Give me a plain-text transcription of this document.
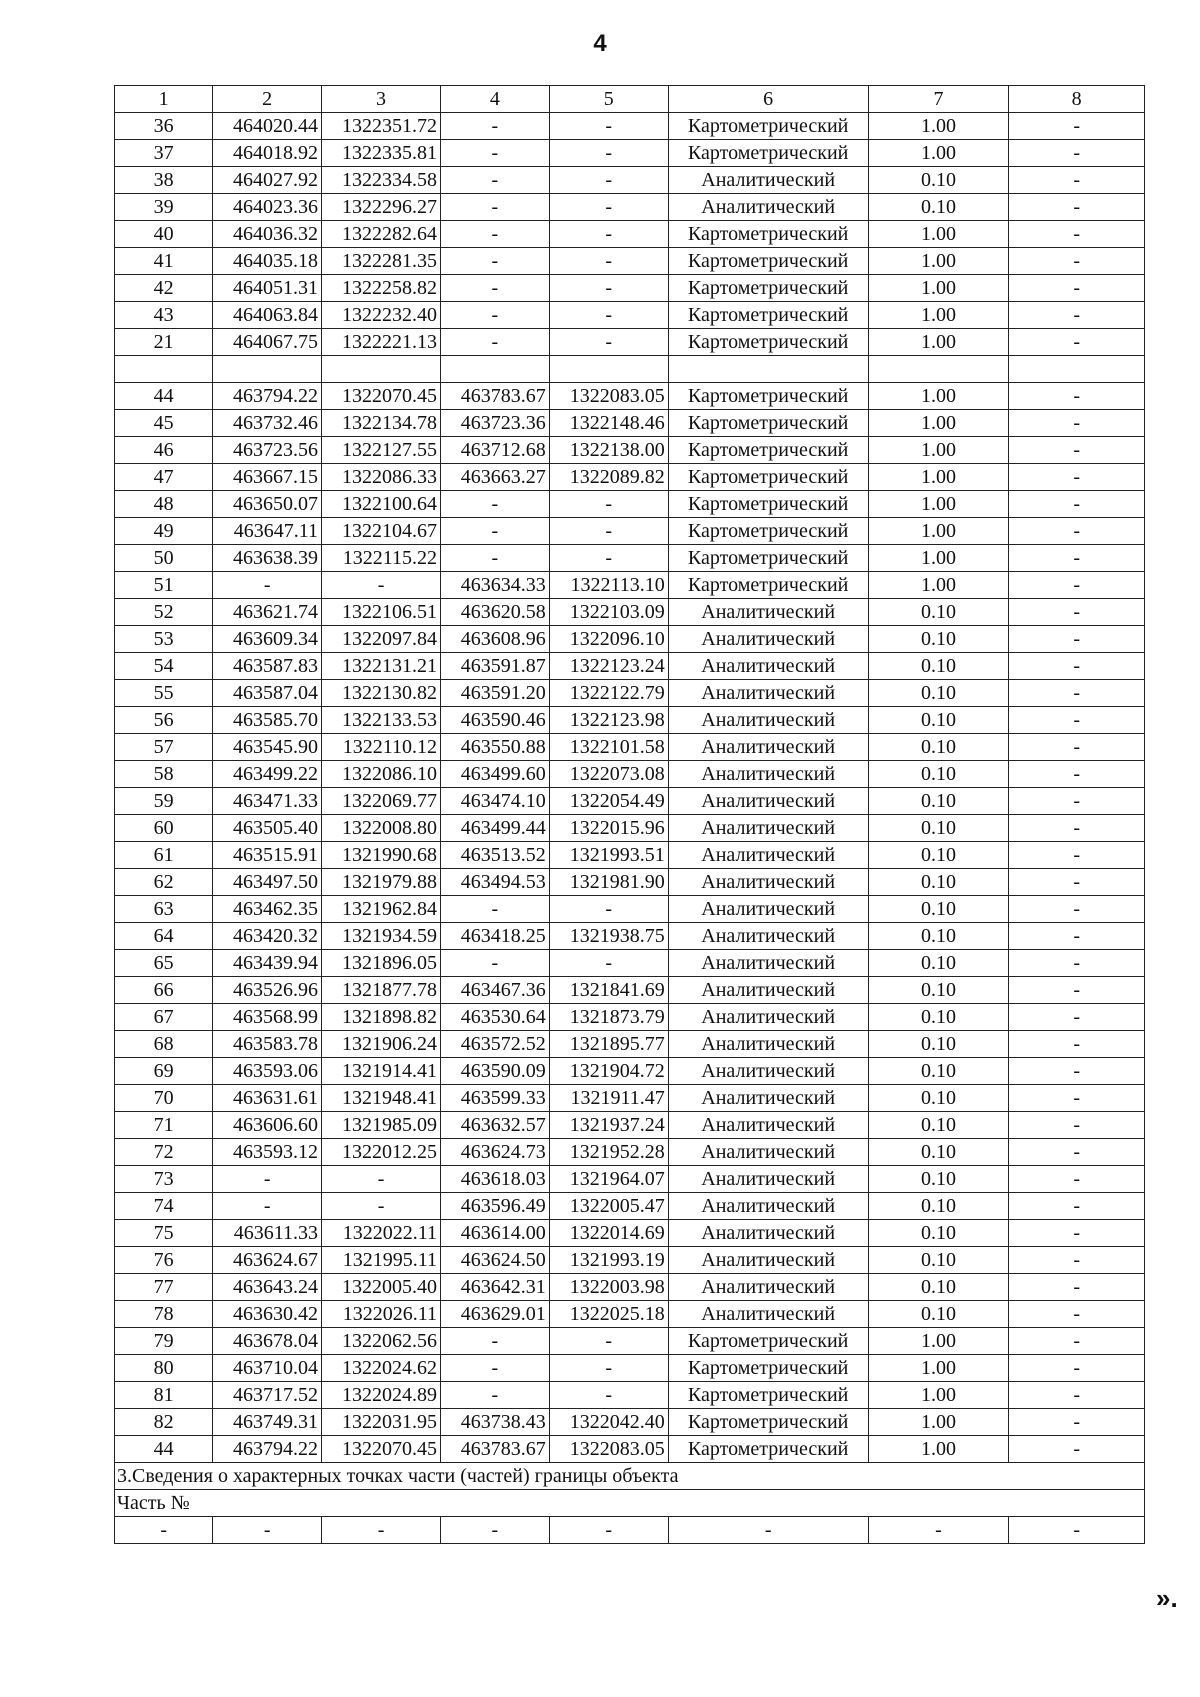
4
1	2	3	4	5	6	7	8
36	464020.44	1322351.72	-	-	Картометрический	1.00	-
37	464018.92	1322335.81	-	-	Картометрический	1.00	-
38	464027.92	1322334.58	-	-	Аналитический	0.10	-
39	464023.36	1322296.27	-	-	Аналитический	0.10	-
40	464036.32	1322282.64	-	-	Картометрический	1.00	-
41	464035.18	1322281.35	-	-	Картометрический	1.00	-
42	464051.31	1322258.82	-	-	Картометрический	1.00	-
43	464063.84	1322232.40	-	-	Картометрический	1.00	-
21	464067.75	1322221.13	-	-	Картометрический	1.00	-

44	463794.22	1322070.45	463783.67	1322083.05	Картометрический	1.00	-
45	463732.46	1322134.78	463723.36	1322148.46	Картометрический	1.00	-
46	463723.56	1322127.55	463712.68	1322138.00	Картометрический	1.00	-
47	463667.15	1322086.33	463663.27	1322089.82	Картометрический	1.00	-
48	463650.07	1322100.64	-	-	Картометрический	1.00	-
49	463647.11	1322104.67	-	-	Картометрический	1.00	-
50	463638.39	1322115.22	-	-	Картометрический	1.00	-
51	-	-	463634.33	1322113.10	Картометрический	1.00	-
52	463621.74	1322106.51	463620.58	1322103.09	Аналитический	0.10	-
53	463609.34	1322097.84	463608.96	1322096.10	Аналитический	0.10	-
54	463587.83	1322131.21	463591.87	1322123.24	Аналитический	0.10	-
55	463587.04	1322130.82	463591.20	1322122.79	Аналитический	0.10	-
56	463585.70	1322133.53	463590.46	1322123.98	Аналитический	0.10	-
57	463545.90	1322110.12	463550.88	1322101.58	Аналитический	0.10	-
58	463499.22	1322086.10	463499.60	1322073.08	Аналитический	0.10	-
59	463471.33	1322069.77	463474.10	1322054.49	Аналитический	0.10	-
60	463505.40	1322008.80	463499.44	1322015.96	Аналитический	0.10	-
61	463515.91	1321990.68	463513.52	1321993.51	Аналитический	0.10	-
62	463497.50	1321979.88	463494.53	1321981.90	Аналитический	0.10	-
63	463462.35	1321962.84	-	-	Аналитический	0.10	-
64	463420.32	1321934.59	463418.25	1321938.75	Аналитический	0.10	-
65	463439.94	1321896.05	-	-	Аналитический	0.10	-
66	463526.96	1321877.78	463467.36	1321841.69	Аналитический	0.10	-
67	463568.99	1321898.82	463530.64	1321873.79	Аналитический	0.10	-
68	463583.78	1321906.24	463572.52	1321895.77	Аналитический	0.10	-
69	463593.06	1321914.41	463590.09	1321904.72	Аналитический	0.10	-
70	463631.61	1321948.41	463599.33	1321911.47	Аналитический	0.10	-
71	463606.60	1321985.09	463632.57	1321937.24	Аналитический	0.10	-
72	463593.12	1322012.25	463624.73	1321952.28	Аналитический	0.10	-
73	-	-	463618.03	1321964.07	Аналитический	0.10	-
74	-	-	463596.49	1322005.47	Аналитический	0.10	-
75	463611.33	1322022.11	463614.00	1322014.69	Аналитический	0.10	-
76	463624.67	1321995.11	463624.50	1321993.19	Аналитический	0.10	-
77	463643.24	1322005.40	463642.31	1322003.98	Аналитический	0.10	-
78	463630.42	1322026.11	463629.01	1322025.18	Аналитический	0.10	-
79	463678.04	1322062.56	-	-	Картометрический	1.00	-
80	463710.04	1322024.62	-	-	Картометрический	1.00	-
81	463717.52	1322024.89	-	-	Картометрический	1.00	-
82	463749.31	1322031.95	463738.43	1322042.40	Картометрический	1.00	-
44	463794.22	1322070.45	463783.67	1322083.05	Картометрический	1.00	-
3.Сведения о характерных точках части (частей) границы объекта							
Часть №							
-	-	-	-	-	-	-	-
».
